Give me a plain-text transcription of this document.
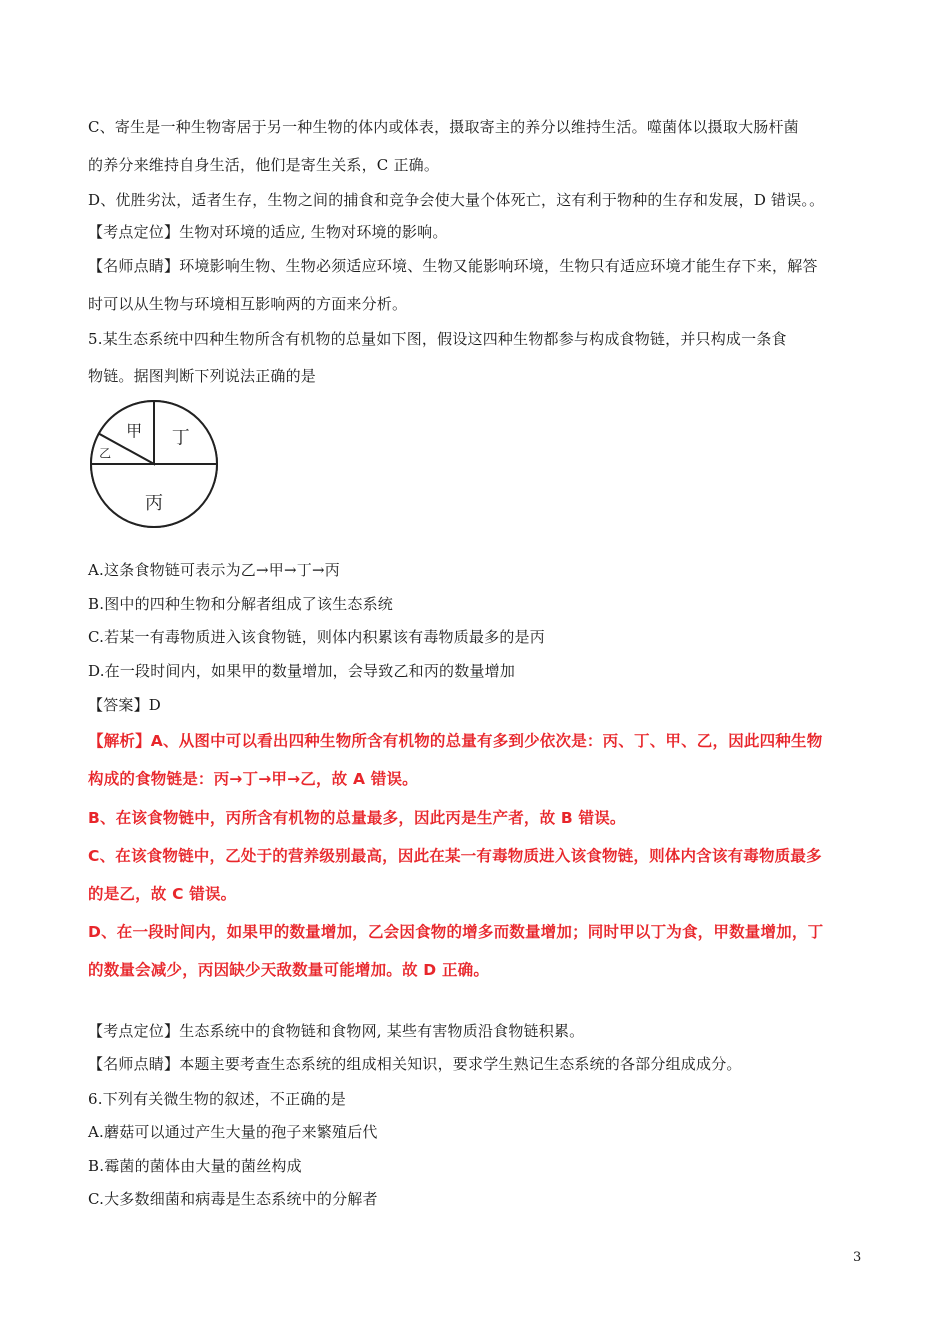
C、寄生是一种生物寄居于另一种生物的体内或体表，摄取寄主的养分以维持生活。噬菌体以摄取大肠杆菌
的养分来维持自身生活，他们是寄生关系，C 正确。
D、优胜劣汰，适者生存，生物之间的捕食和竞争会使大量个体死亡，这有利于物种的生存和发展，D 错误。。
【考点定位】生物对环境的适应, 生物对环境的影响。
【名师点睛】环境影响生物、生物必须适应环境、生物又能影响环境，生物只有适应环境才能生存下来，解答
时可以从生物与环境相互影响两的方面来分析。
5.某生态系统中四种生物所含有机物的总量如下图，假设这四种生物都参与构成食物链，并只构成一条食
物链。据图判断下列说法正确的是
丙
丁
甲
乙
A.这条食物链可表示为乙→甲→丁→丙
B.图中的四种生物和分解者组成了该生态系统
C.若某一有毒物质进入该食物链，则体内积累该有毒物质最多的是丙
D.在一段时间内，如果甲的数量增加，会导致乙和丙的数量增加
【答案】D
【解析】A、从图中可以看出四种生物所含有机物的总量有多到少依次是：丙、丁、甲、乙，因此四种生物
构成的食物链是：丙→丁→甲→乙，故 A 错误。
B、在该食物链中，丙所含有机物的总量最多，因此丙是生产者，故 B 错误。
C、在该食物链中，乙处于的营养级别最高，因此在某一有毒物质进入该食物链，则体内含该有毒物质最多
的是乙，故 C 错误。
D、在一段时间内，如果甲的数量增加，乙会因食物的增多而数量增加；同时甲以丁为食，甲数量增加，丁
的数量会减少，丙因缺少天敌数量可能增加。故 D 正确。
【考点定位】生态系统中的食物链和食物网, 某些有害物质沿食物链积累。
【名师点睛】本题主要考查生态系统的组成相关知识，要求学生熟记生态系统的各部分组成成分。
6.下列有关微生物的叙述，不正确的是
A.蘑菇可以通过产生大量的孢子来繁殖后代
B.霉菌的菌体由大量的菌丝构成
C.大多数细菌和病毒是生态系统中的分解者
3
